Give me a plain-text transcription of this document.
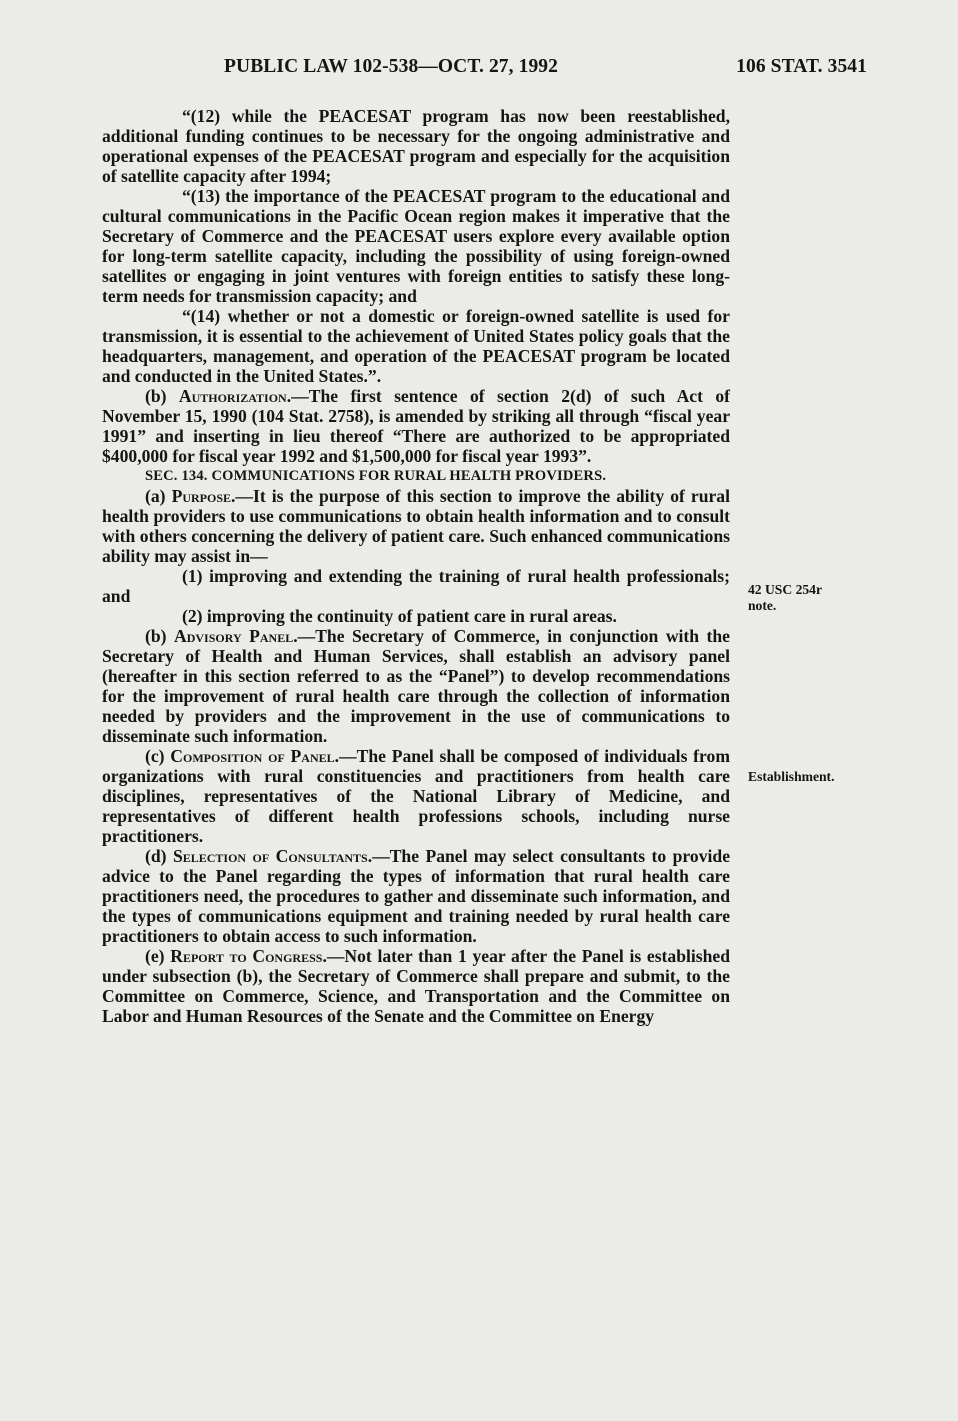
PUBLIC LAW 102-538—OCT. 27, 1992	106 STAT. 3541

“(12) while the PEACESAT program has now been reestablished, additional funding continues to be necessary for the ongoing administrative and operational expenses of the PEACESAT program and especially for the acquisition of satellite capacity after 1994;

“(13) the importance of the PEACESAT program to the educational and cultural communications in the Pacific Ocean region makes it imperative that the Secretary of Commerce and the PEACESAT users explore every available option for long-term satellite capacity, including the possibility of using foreign-owned satellites or engaging in joint ventures with foreign entities to satisfy these long-term needs for transmission capacity; and

“(14) whether or not a domestic or foreign-owned satellite is used for transmission, it is essential to the achievement of United States policy goals that the headquarters, management, and operation of the PEACESAT program be located and conducted in the United States.”.

(b) Authorization.—The first sentence of section 2(d) of such Act of November 15, 1990 (104 Stat. 2758), is amended by striking all through “fiscal year 1991” and inserting in lieu thereof “There are authorized to be appropriated $400,000 for fiscal year 1992 and $1,500,000 for fiscal year 1993”.

SEC. 134. COMMUNICATIONS FOR RURAL HEALTH PROVIDERS.

(a) Purpose.—It is the purpose of this section to improve the ability of rural health providers to use communications to obtain health information and to consult with others concerning the delivery of patient care. Such enhanced communications ability may assist in—

(1) improving and extending the training of rural health professionals; and

(2) improving the continuity of patient care in rural areas.

(b) Advisory Panel.—The Secretary of Commerce, in conjunction with the Secretary of Health and Human Services, shall establish an advisory panel (hereafter in this section referred to as the “Panel”) to develop recommendations for the improvement of rural health care through the collection of information needed by providers and the improvement in the use of communications to disseminate such information.

(c) Composition of Panel.—The Panel shall be composed of individuals from organizations with rural constituencies and practitioners from health care disciplines, representatives of the National Library of Medicine, and representatives of different health professions schools, including nurse practitioners.

(d) Selection of Consultants.—The Panel may select consultants to provide advice to the Panel regarding the types of information that rural health care practitioners need, the procedures to gather and disseminate such information, and the types of communications equipment and training needed by rural health care practitioners to obtain access to such information.

(e) Report to Congress.—Not later than 1 year after the Panel is established under subsection (b), the Secretary of Commerce shall prepare and submit, to the Committee on Commerce, Science, and Transportation and the Committee on Labor and Human Resources of the Senate and the Committee on Energy

42 USC 254r
note.
Establishment.
